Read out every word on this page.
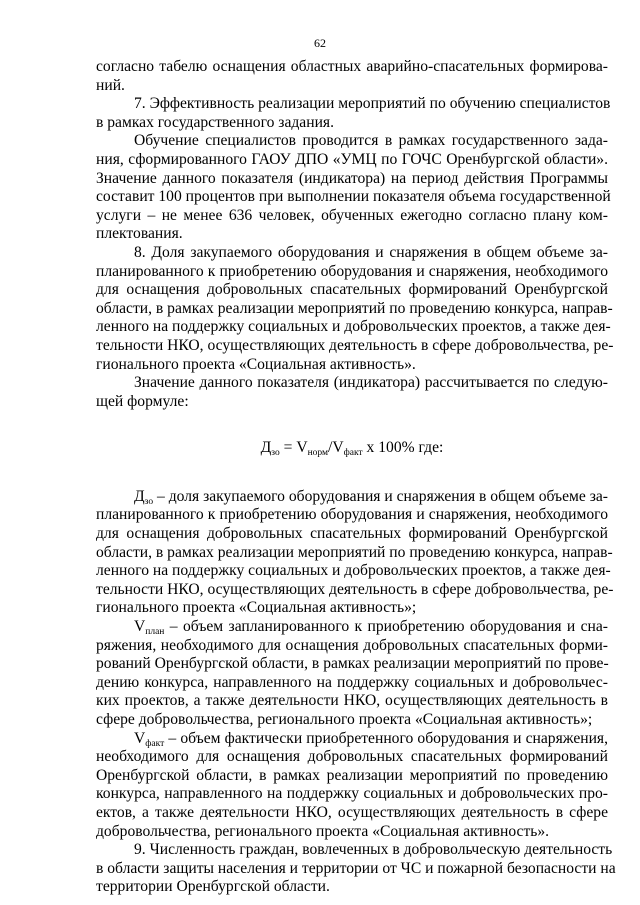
62
согласно табелю оснащения областных аварийно-спасательных формирова-
ний.
7. Эффективность реализации мероприятий по обучению специалистов
в рамках государственного задания.
Обучение специалистов проводится в рамках государственного зада-
ния, сформированного ГАОУ ДПО «УМЦ по ГОЧС Оренбургской области».
Значение данного показателя (индикатора) на период действия Программы
составит 100 процентов при выполнении показателя объема государственной
услуги – не менее 636 человек, обученных ежегодно согласно плану ком-
плектования.
8. Доля закупаемого оборудования и снаряжения в общем объеме за-
планированного к приобретению оборудования и снаряжения, необходимого
для оснащения добровольных спасательных формирований Оренбургской
области, в рамках реализации мероприятий по проведению конкурса, направ-
ленного на поддержку социальных и добровольческих проектов, а также дея-
тельности НКО, осуществляющих деятельность в сфере добровольчества, ре-
гионального проекта «Социальная активность».
Значение данного показателя (индикатора) рассчитывается по следую-
щей формуле:
$Д_{зо} = V_{норм}/V_{факт}$ x 100% где:
$Д_{зо}$ – доля закупаемого оборудования и снаряжения в общем объеме за-
планированного к приобретению оборудования и снаряжения, необходимого
для оснащения добровольных спасательных формирований Оренбургской
области, в рамках реализации мероприятий по проведению конкурса, направ-
ленного на поддержку социальных и добровольческих проектов, а также дея-
тельности НКО, осуществляющих деятельность в сфере добровольчества, ре-
гионального проекта «Социальная активность»;
$V_{план}$ – объем запланированного к приобретению оборудования и сна-
ряжения, необходимого для оснащения добровольных спасательных форми-
рований Оренбургской области, в рамках реализации мероприятий по прове-
дению конкурса, направленного на поддержку социальных и добровольчес-
ких проектов, а также деятельности НКО, осуществляющих деятельность в
сфере добровольчества, регионального проекта «Социальная активность»;
$V_{факт}$ – объем фактически приобретенного оборудования и снаряжения,
необходимого для оснащения добровольных спасательных формирований
Оренбургской области, в рамках реализации мероприятий по проведению
конкурса, направленного на поддержку социальных и добровольческих про-
ектов, а также деятельности НКО, осуществляющих деятельность в сфере
добровольчества, регионального проекта «Социальная активность».
9. Численность граждан, вовлеченных в добровольческую деятельность
в области защиты населения и территории от ЧС и пожарной безопасности на
территории Оренбургской области.
